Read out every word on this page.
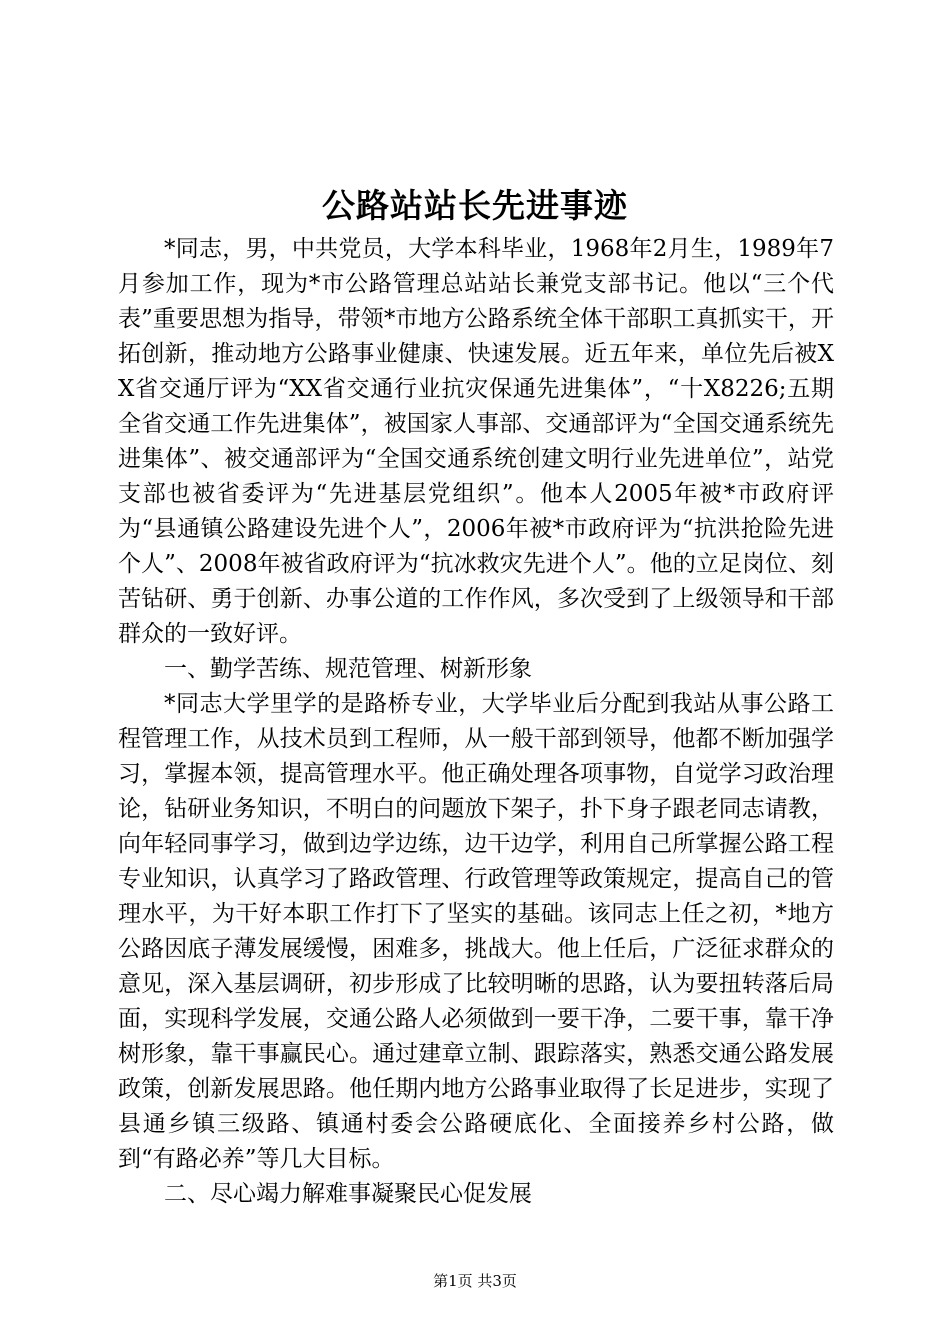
公路站站长先进事迹

*同志，男，中共党员，大学本科毕业，1968年2月生，1989年7月参加工作，现为*市公路管理总站站长兼党支部书记。他以“三个代表”重要思想为指导，带领*市地方公路系统全体干部职工真抓实干，开拓创新，推动地方公路事业健康、快速发展。近五年来，单位先后被XX省交通厅评为“XX省交通行业抗灾保通先进集体”，“十X8226;五期全省交通工作先进集体”，被国家人事部、交通部评为“全国交通系统先进集体”、被交通部评为“全国交通系统创建文明行业先进单位”，站党支部也被省委评为“先进基层党组织”。他本人2005年被*市政府评为“县通镇公路建设先进个人”，2006年被*市政府评为“抗洪抢险先进个人”、2008年被省政府评为“抗冰救灾先进个人”。他的立足岗位、刻苦钻研、勇于创新、办事公道的工作作风，多次受到了上级领导和干部群众的一致好评。

一、勤学苦练、规范管理、树新形象

*同志大学里学的是路桥专业，大学毕业后分配到我站从事公路工程管理工作，从技术员到工程师，从一般干部到领导，他都不断加强学习，掌握本领，提高管理水平。他正确处理各项事物，自觉学习政治理论，钻研业务知识，不明白的问题放下架子，扑下身子跟老同志请教，向年轻同事学习，做到边学边练，边干边学，利用自己所掌握公路工程专业知识，认真学习了路政管理、行政管理等政策规定，提高自己的管理水平，为干好本职工作打下了坚实的基础。该同志上任之初，*地方公路因底子薄发展缓慢，困难多，挑战大。他上任后，广泛征求群众的意见，深入基层调研，初步形成了比较明晰的思路，认为要扭转落后局面，实现科学发展，交通公路人必须做到一要干净，二要干事，靠干净树形象，靠干事赢民心。通过建章立制、跟踪落实，熟悉交通公路发展政策，创新发展思路。他任期内地方公路事业取得了长足进步，实现了县通乡镇三级路、镇通村委会公路硬底化、全面接养乡村公路，做到“有路必养”等几大目标。

二、尽心竭力解难事凝聚民心促发展

第1页 共3页
